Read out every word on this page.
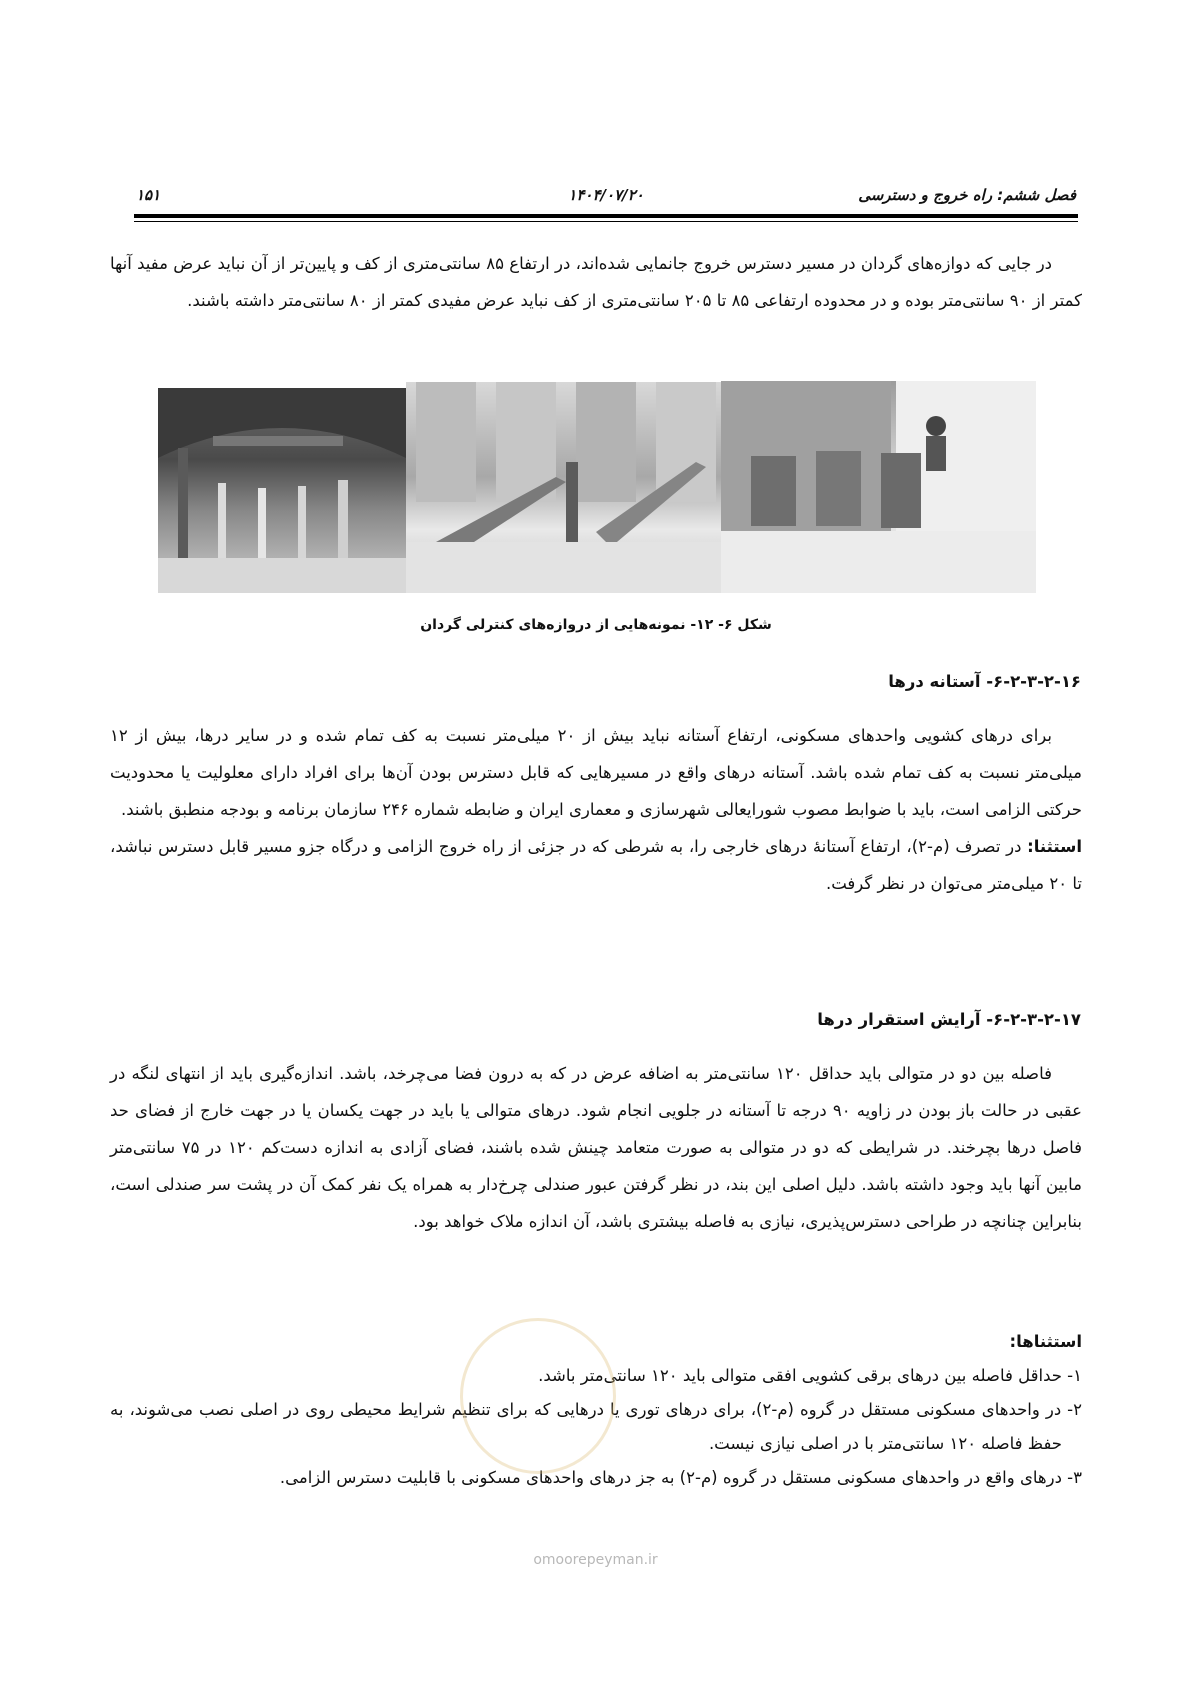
فصل ششم: راه خروج و دسترسی
۱۴۰۴/۰۷/۲۰
۱۵۱

در جایی که دوازه‌های گردان در مسیر دسترس خروج جانمایی شده‌اند، در ارتفاع ۸۵ سانتی‌متری از کف و پایین‌تر از آن نباید عرض مفید آنها کمتر از ۹۰ سانتی‌متر بوده و در محدوده ارتفاعی ۸۵ تا ۲۰۵ سانتی‌متری از کف نباید عرض مفیدی کمتر از ۸۰ سانتی‌متر داشته باشند.

شکل ۶- ۱۲- نمونه‌هایی از دروازه‌های کنترلی گردان
۶-۲-۳-۲-۱۶- آستانه درها

برای درهای کشویی واحدهای مسکونی، ارتفاع آستانه نباید بیش از ۲۰ میلی‌متر نسبت به کف تمام شده و در سایر درها، بیش از ۱۲ میلی‌متر نسبت به کف تمام شده باشد. آستانه درهای واقع در مسیرهایی که قابل دسترس بودن آن‌ها برای افراد دارای معلولیت یا محدودیت حرکتی الزامی است، باید با ضوابط مصوب شورایعالی شهرسازی و معماری ایران و ضابطه شماره ۲۴۶ سازمان برنامه و بودجه منطبق باشند.

استثنا: در تصرف (م-۲)، ارتفاع آستانهٔ درهای خارجی را، به شرطی که در جزئی از راه خروج الزامی و درگاه جزو مسیر قابل دسترس نباشد، تا ۲۰ میلی‌متر می‌توان در نظر گرفت.

۶-۲-۳-۲-۱۷- آرایش استقرار درها

فاصله بین دو در متوالی باید حداقل ۱۲۰ سانتی‌متر به اضافه عرض در که به درون فضا می‌چرخد، باشد. اندازه‌گیری باید از انتهای لنگه در عقبی در حالت باز بودن در زاویه ۹۰ درجه تا آستانه در جلویی انجام شود. درهای متوالی یا باید در جهت یکسان یا در جهت خارج از فضای حد فاصل درها بچرخند. در شرایطی که دو در متوالی به صورت متعامد چینش شده باشند، فضای آزادی به اندازه دست‌کم ۱۲۰ در ۷۵ سانتی‌متر مابین آنها باید وجود داشته باشد. دلیل اصلی این بند، در نظر گرفتن عبور صندلی چرخ‌دار به همراه یک نفر کمک آن در پشت سر صندلی است، بنابراین چنانچه در طراحی دسترس‌پذیری، نیازی به فاصله بیشتری باشد، آن اندازه ملاک خواهد بود.

استثناها:

۱- حداقل فاصله بین درهای برقی کشویی افقی متوالی باید ۱۲۰ سانتی‌متر باشد.

۲- در واحدهای مسکونی مستقل در گروه (م-۲)، برای درهای توری یا درهایی که برای تنظیم شرایط محیطی روی در اصلی نصب می‌شوند، به حفظ فاصله ۱۲۰ سانتی‌متر با در اصلی نیازی نیست.

۳- درهای واقع در واحدهای مسکونی مستقل در گروه (م-۲) به جز درهای واحدهای مسکونی با قابلیت دسترس الزامی.

omoorepeyman.ir
